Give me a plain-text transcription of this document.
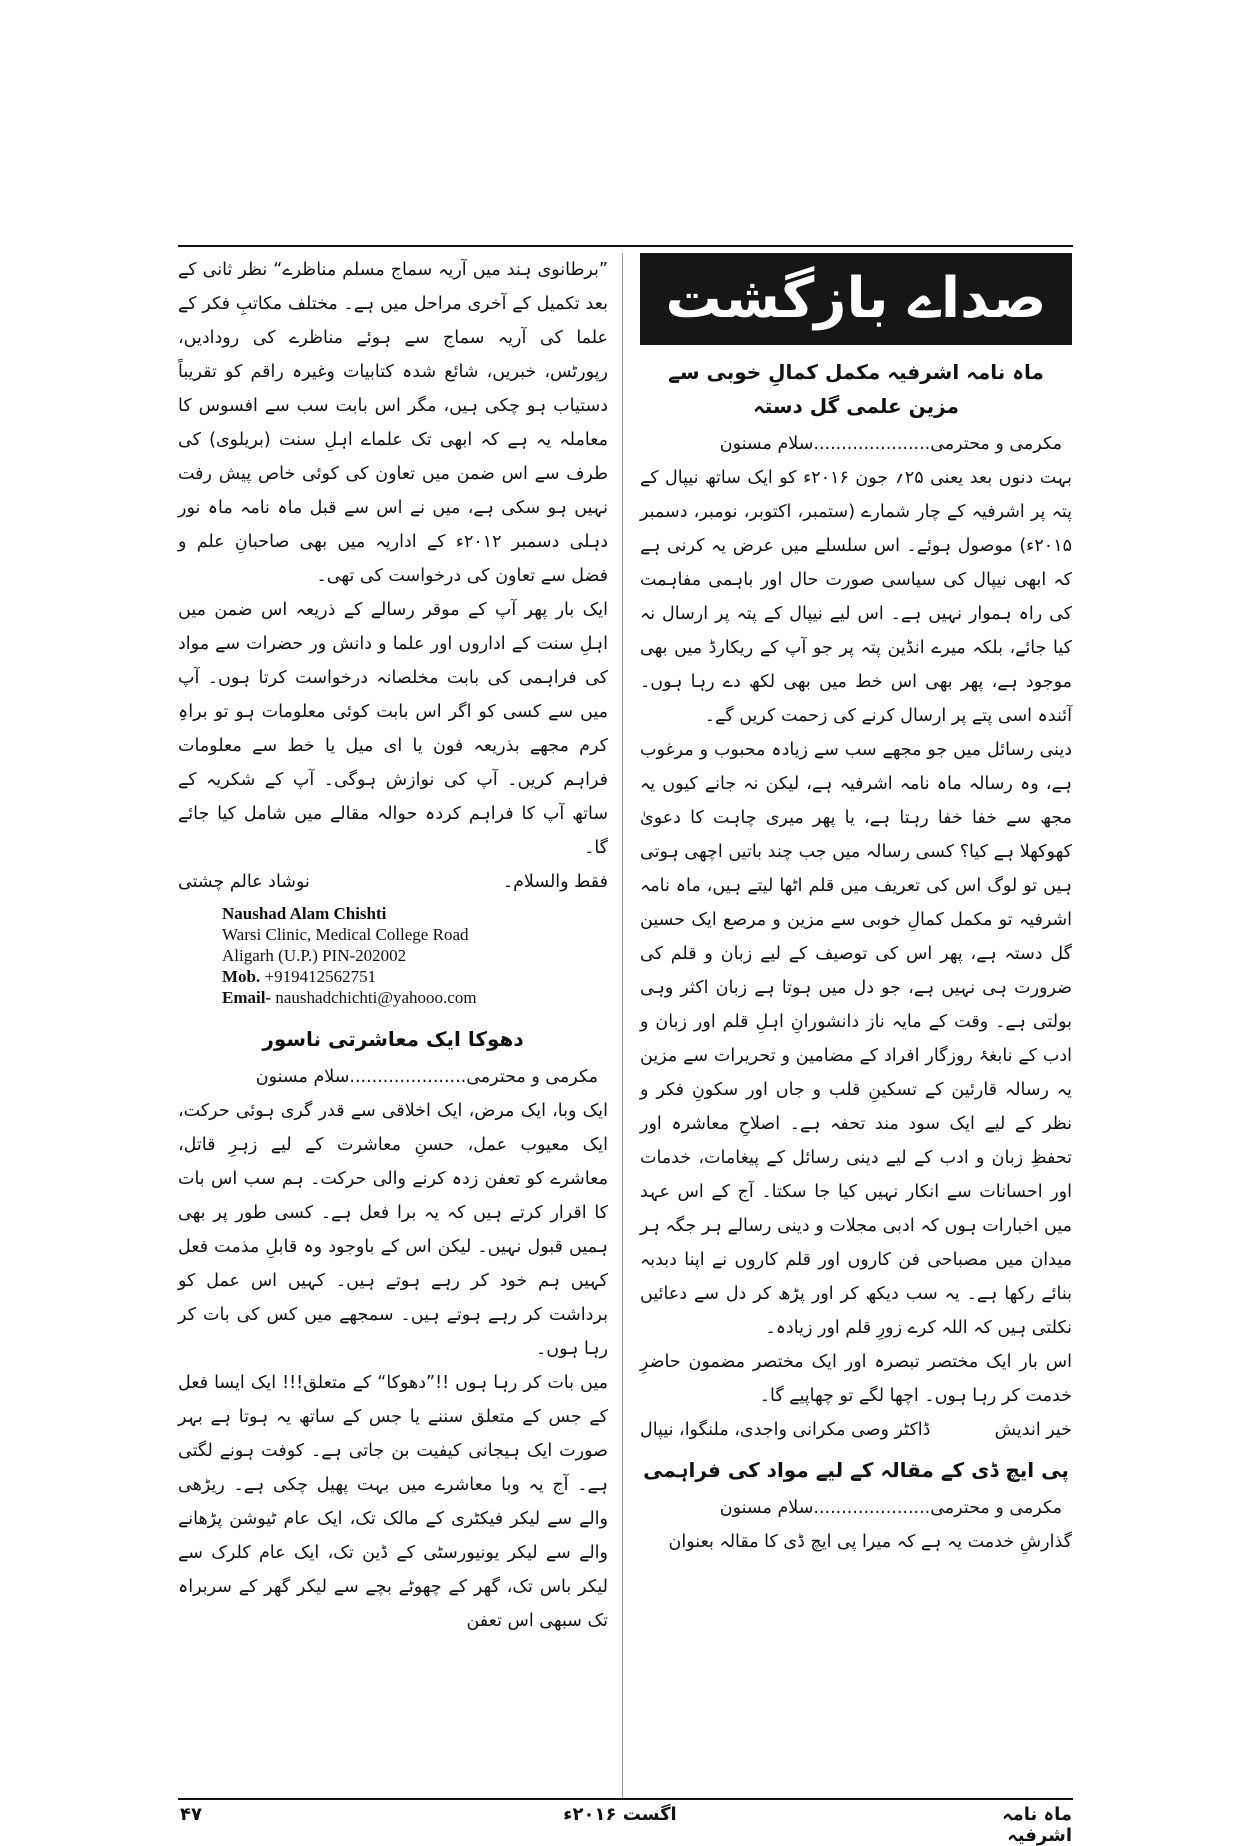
صداے بازگشت
ماہ نامہ اشرفیہ مکمل کمالِ خوبی سے مزین علمی گل دستہ

مکرمی و محترمی.....................سلام مسنون

بہت دنوں بعد یعنی ۲۵؍ جون ۲۰۱۶ء کو ایک ساتھ نیپال کے پتہ پر اشرفیہ کے چار شمارے (ستمبر، اکتوبر، نومبر، دسمبر ۲۰۱۵ء) موصول ہوئے۔ اس سلسلے میں عرض یہ کرنی ہے کہ ابھی نیپال کی سیاسی صورت حال اور باہمی مفاہمت کی راہ ہموار نہیں ہے۔ اس لیے نیپال کے پتہ پر ارسال نہ کیا جائے، بلکہ میرے انڈین پتہ پر جو آپ کے ریکارڈ میں بھی موجود ہے، پھر بھی اس خط میں بھی لکھ دے رہا ہوں۔ آئندہ اسی پتے پر ارسال کرنے کی زحمت کریں گے۔

دینی رسائل میں جو مجھے سب سے زیادہ محبوب و مرغوب ہے، وہ رسالہ ماہ نامہ اشرفیہ ہے، لیکن نہ جانے کیوں یہ مجھ سے خفا خفا رہتا ہے، یا پھر میری چاہت کا دعویٰ کھوکھلا ہے کیا؟ کسی رسالہ میں جب چند باتیں اچھی ہوتی ہیں تو لوگ اس کی تعریف میں قلم اٹھا لیتے ہیں، ماہ نامہ اشرفیہ تو مکمل کمالِ خوبی سے مزین و مرصع ایک حسین گل دستہ ہے، پھر اس کی توصیف کے لیے زبان و قلم کی ضرورت ہی نہیں ہے، جو دل میں ہوتا ہے زبان اکثر وہی بولتی ہے۔ وقت کے مایہ ناز دانشورانِ اہلِ قلم اور زبان و ادب کے نابغۂ روزگار افراد کے مضامین و تحریرات سے مزین یہ رسالہ قارئین کے تسکینِ قلب و جاں اور سکونِ فکر و نظر کے لیے ایک سود مند تحفہ ہے۔ اصلاحِ معاشرہ اور تحفظِ زبان و ادب کے لیے دینی رسائل کے پیغامات، خدمات اور احسانات سے انکار نہیں کیا جا سکتا۔ آج کے اس عہد میں اخبارات ہوں کہ ادبی مجلات و دینی رسالے ہر جگہ ہر میدان میں مصباحی فن کاروں اور قلم کاروں نے اپنا دبدبہ بنائے رکھا ہے۔ یہ سب دیکھ کر اور پڑھ کر دل سے دعائیں نکلتی ہیں کہ اللہ کرے زورِ قلم اور زیادہ۔

اس بار ایک مختصر تبصرہ اور ایک مختصر مضمون حاضرِ خدمت کر رہا ہوں۔ اچھا لگے تو چھاپیے گا۔

خیر اندیش
ڈاکٹر وصی مکرانی واجدی، ملنگوا، نیپال
پی ایچ ڈی کے مقالہ کے لیے مواد کی فراہمی

مکرمی و محترمی.....................سلام مسنون

گذارشِ خدمت یہ ہے کہ میرا پی ایچ ڈی کا مقالہ بعنوان

”برطانوی ہند میں آریہ سماج مسلم مناظرے“ نظر ثانی کے بعد تکمیل کے آخری مراحل میں ہے۔ مختلف مکاتبِ فکر کے علما کی آریہ سماج سے ہوئے مناظرے کی رودادیں، رپورٹس، خبریں، شائع شدہ کتابیات وغیرہ راقم کو تقریباً دستیاب ہو چکی ہیں، مگر اس بابت سب سے افسوس کا معاملہ یہ ہے کہ ابھی تک علماے اہلِ سنت (بریلوی) کی طرف سے اس ضمن میں تعاون کی کوئی خاص پیش رفت نہیں ہو سکی ہے، میں نے اس سے قبل ماہ نامہ ماہ نور دہلی دسمبر ۲۰۱۲ء کے اداریہ میں بھی صاحبانِ علم و فضل سے تعاون کی درخواست کی تھی۔

ایک بار پھر آپ کے موقر رسالے کے ذریعہ اس ضمن میں اہلِ سنت کے اداروں اور علما و دانش ور حضرات سے مواد کی فراہمی کی بابت مخلصانہ درخواست کرتا ہوں۔ آپ میں سے کسی کو اگر اس بابت کوئی معلومات ہو تو براہِ کرم مجھے بذریعہ فون یا ای میل یا خط سے معلومات فراہم کریں۔ آپ کی نوازش ہوگی۔ آپ کے شکریہ کے ساتھ آپ کا فراہم کردہ حوالہ مقالے میں شامل کیا جائے گا۔

فقط والسلام۔
نوشاد عالم چشتی
Naushad Alam Chishti
Warsi Clinic, Medical College Road
Aligarh (U.P.) PIN-202002
Mob. +919412562751
Email- naushadchichti@yahooo.com
دھوکا ایک معاشرتی ناسور

مکرمی و محترمی.....................سلام مسنون

ایک وبا، ایک مرض، ایک اخلاقی سے قدر گری ہوئی حرکت، ایک معیوب عمل، حسنِ معاشرت کے لیے زہرِ قاتل، معاشرے کو تعفن زدہ کرنے والی حرکت۔ ہم سب اس بات کا اقرار کرتے ہیں کہ یہ برا فعل ہے۔ کسی طور پر بھی ہمیں قبول نہیں۔ لیکن اس کے باوجود وہ قابلِ مذمت فعل کہیں ہم خود کر رہے ہوتے ہیں۔ کہیں اس عمل کو برداشت کر رہے ہوتے ہیں۔ سمجھے میں کس کی بات کر رہا ہوں۔

میں بات کر رہا ہوں !!”دھوکا“ کے متعلق!!! ایک ایسا فعل کے جس کے متعلق سننے یا جس کے ساتھ یہ ہوتا ہے بہر صورت ایک ہیجانی کیفیت بن جاتی ہے۔ کوفت ہونے لگتی ہے۔ آج یہ وبا معاشرے میں بہت پھیل چکی ہے۔ ریڑھی والے سے لیکر فیکٹری کے مالک تک، ایک عام ٹیوشن پڑھانے والے سے لیکر یونیورسٹی کے ڈین تک، ایک عام کلرک سے لیکر باس تک، گھر کے چھوٹے بچے سے لیکر گھر کے سربراہ تک سبھی اس تعفن

ماہ نامہ اشرفیہ
اگست ۲۰۱۶ء
۴۷
